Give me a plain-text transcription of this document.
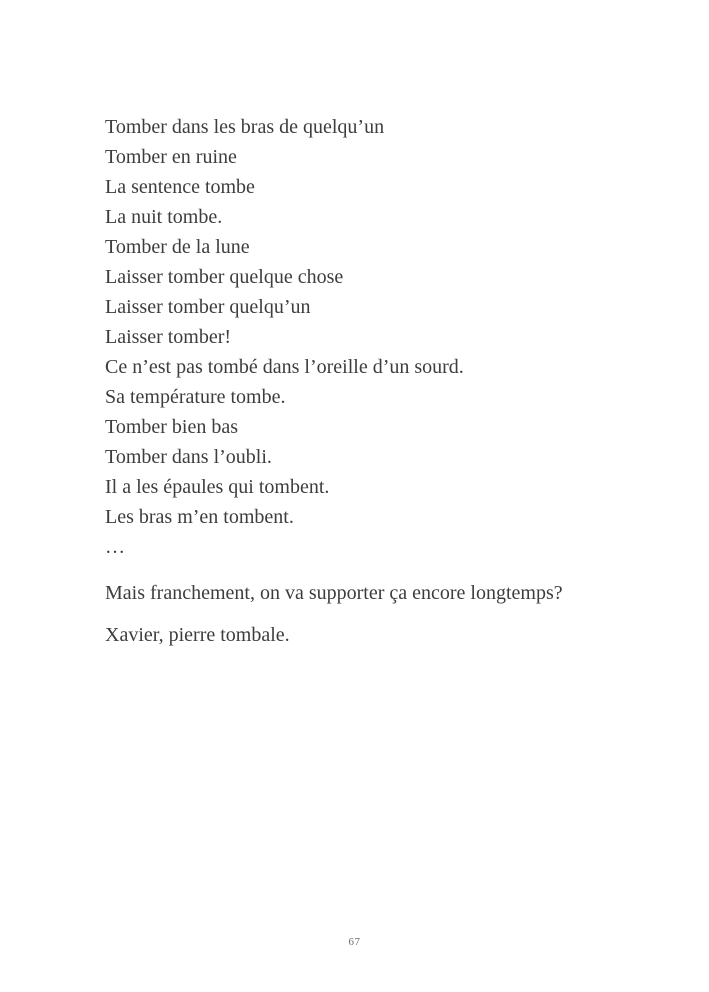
Tomber dans les bras de quelqu’un
Tomber en ruine
La sentence tombe
La nuit tombe.
Tomber de la lune
Laisser tomber quelque chose
Laisser tomber quelqu’un
Laisser tomber!
Ce n’est pas tombé dans l’oreille d’un sourd.
Sa température tombe.
Tomber bien bas
Tomber dans l’oubli.
Il a les épaules qui tombent.
Les bras m’en tombent.
…
Mais franchement, on va supporter ça encore longtemps?
Xavier, pierre tombale.
67
